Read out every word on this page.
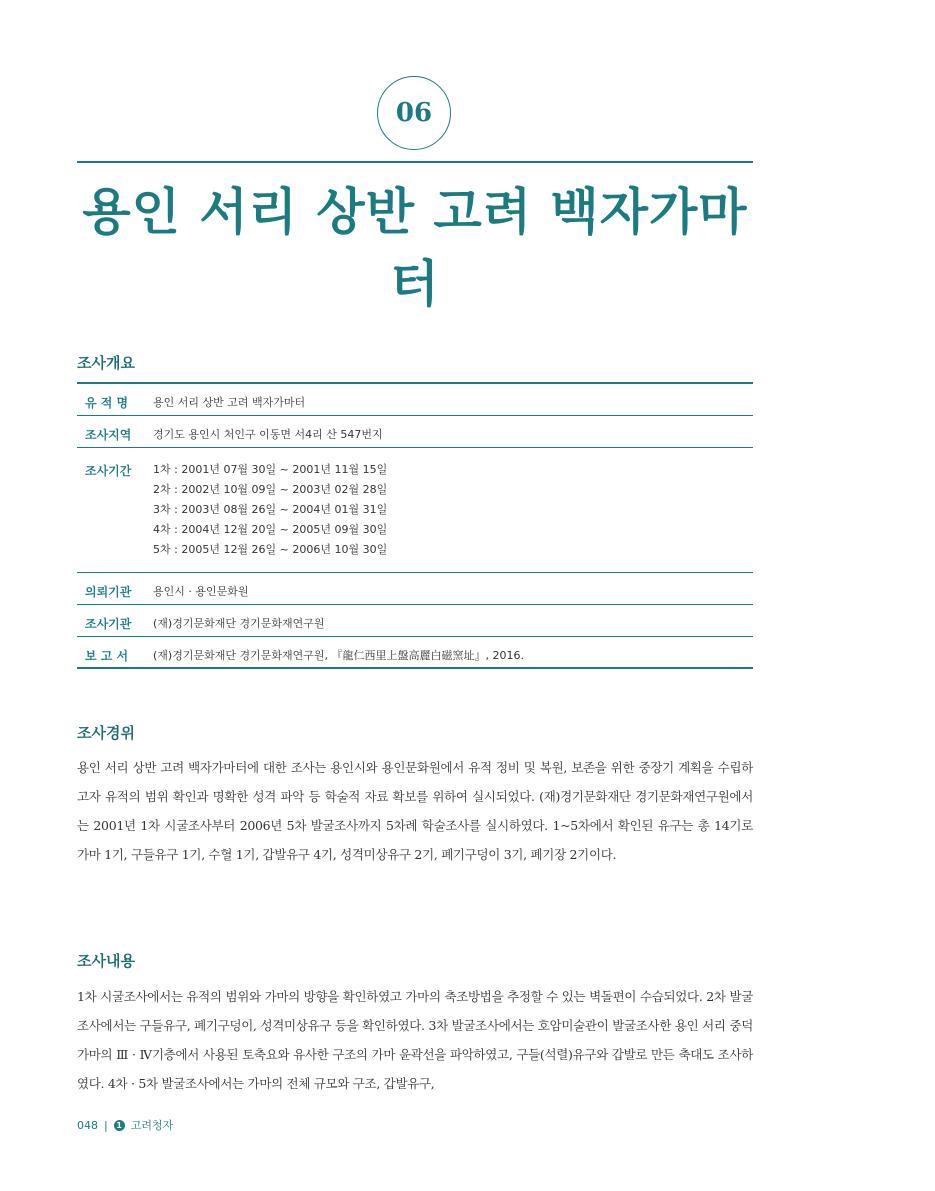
06
용인 서리 상반 고려 백자가마터
조사개요
유 적 명	용인 서리 상반 고려 백자가마터
조사지역	경기도 용인시 처인구 이동면 서4리 산 547번지
조사기간	1차 : 2001년 07월 30일 ~ 2001년 11월 15일
2차 : 2002년 10월 09일 ~ 2003년 02월 28일
3차 : 2003년 08월 26일 ~ 2004년 01월 31일
4차 : 2004년 12월 20일 ~ 2005년 09월 30일
5차 : 2005년 12월 26일 ~ 2006년 10월 30일

의뢰기관	용인시 · 용인문화원
조사기관	(재)경기문화재단 경기문화재연구원
보 고 서	(재)경기문화재단 경기문화재연구원, 『龍仁西里上盤高麗白磁窯址』, 2016.
조사경위

용인 서리 상반 고려 백자가마터에 대한 조사는 용인시와 용인문화원에서 유적 정비 및 복원, 보존을 위한 중장기 계획을 수립하고자 유적의 범위 확인과 명확한 성격 파악 등 학술적 자료 확보를 위하여 실시되었다. (재)경기문화재단 경기문화재연구원에서는 2001년 1차 시굴조사부터 2006년 5차 발굴조사까지 5차례 학술조사를 실시하였다. 1~5차에서 확인된 유구는 총 14기로 가마 1기, 구들유구 1기, 수혈 1기, 갑발유구 4기, 성격미상유구 2기, 폐기구덩이 3기, 폐기장 2기이다.

조사내용

1차 시굴조사에서는 유적의 범위와 가마의 방향을 확인하였고 가마의 축조방법을 추정할 수 있는 벽돌편이 수습되었다. 2차 발굴조사에서는 구들유구, 폐기구덩이, 성격미상유구 등을 확인하였다. 3차 발굴조사에서는 호암미술관이 발굴조사한 용인 서리 중덕 가마의 Ⅲ · Ⅳ기층에서 사용된 토축요와 유사한 구조의 가마 윤곽선을 파악하였고, 구들(석렬)유구와 갑발로 만든 축대도 조사하였다. 4차 · 5차 발굴조사에서는 가마의 전체 규모와 구조, 갑발유구,

048 |	1 고려청자
